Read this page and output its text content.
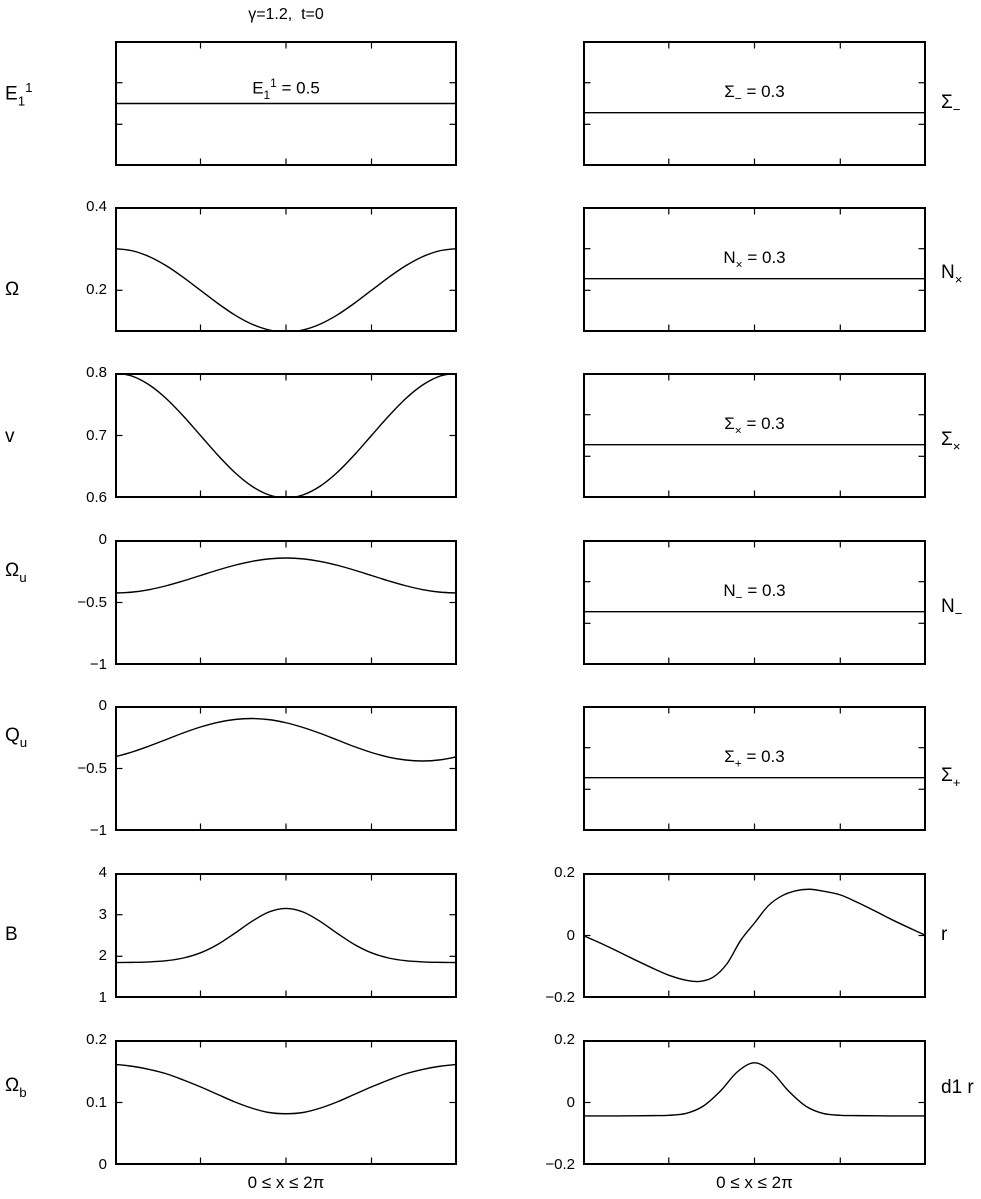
γ=1.2,  t=0
0 ≤ x ≤ 2π	0 ≤ x ≤ 2π
$E_1^1$	$E_1^1 = 0.5$
0.4
0.2
Ω
0.8
0.7
0.6
v
0
−0.5
−1
$\Omega_u$
0
−0.5
−1
$Q_u$
4
3
2
1
B
0.2
0.1
0
$\Omega_b$
$\Sigma_-$
$\Sigma_- = 0.3$
$N_\times$
$N_\times = 0.3$
$\Sigma_\times$
$\Sigma_\times = 0.3$
$N_-$
$N_- = 0.3$
$\Sigma_+$
$\Sigma_+ = 0.3$
0.2
0
−0.2
r
0.2
0
−0.2
d1 r
